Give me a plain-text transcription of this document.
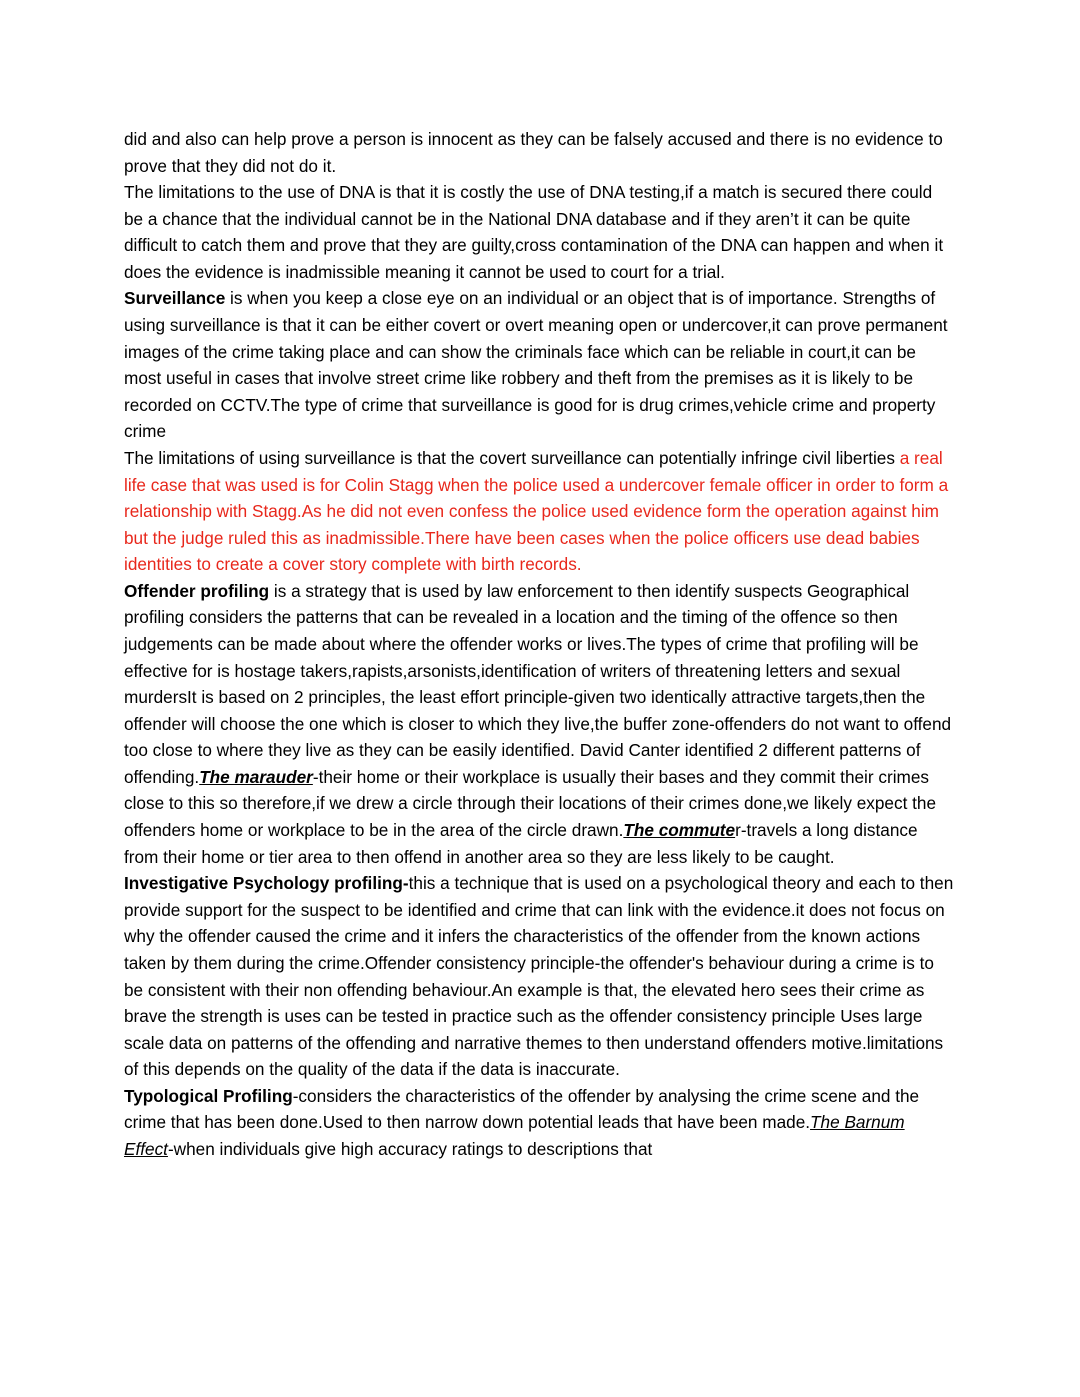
did and also can help prove a person is innocent as they can be falsely accused and there is no evidence to prove that they did not do it.
The limitations to the use of DNA is that it is costly the use of DNA testing,if a match is secured there could be a chance that the individual cannot be in the National DNA database and if they aren’t it can be quite difficult to catch them and prove that they are guilty,cross contamination of the DNA can happen and when it does the evidence is inadmissible meaning it cannot be used to court for a trial.
Surveillance is when you keep a close eye on an individual or an object that is of importance. Strengths of using surveillance is that it can be either covert or overt meaning open or undercover,it can prove permanent images of the crime taking place and can show the criminals face which can be reliable in court,it can be most useful in cases that involve street crime like robbery and theft from the premises as it is likely to be recorded on CCTV.The type of crime that surveillance is good for is drug crimes,vehicle crime and property crime
The limitations of using surveillance is that the covert surveillance can potentially infringe civil liberties a real life case that was used is for Colin Stagg when the police used a undercover female officer in order to form a relationship with Stagg.As he did not even confess the police used evidence form the operation against him but the judge ruled this as inadmissible.There have been cases when the police officers use dead babies identities to create a cover story complete with birth records.
Offender profiling is a strategy that is used by law enforcement to then identify suspects Geographical profiling considers the patterns that can be revealed in a location and the timing of the offence so then judgements can be made about where the offender works or lives.The types of crime that profiling will be effective for is hostage takers,rapists,arsonists,identification of writers of threatening letters and sexual murdersIt is based on 2 principles, the least effort principle-given two identically attractive targets,then the offender will choose the one which is closer to which they live,the buffer zone-offenders do not want to offend too close to where they live as they can be easily identified. David Canter identified 2 different patterns of offending.The marauder-their home or their workplace is usually their bases and they commit their crimes close to this so therefore,if we drew a circle through their locations of their crimes done,we likely expect the offenders home or workplace to be in the area of the circle drawn.The commuter-travels a long distance from their home or tier area to then offend in another area so they are less likely to be caught.
Investigative Psychology profiling-this a technique that is used on a psychological theory and each to then provide support for the suspect to be identified and crime that can link with the evidence.it does not focus on why the offender caused the crime and it infers the characteristics of the offender from the known actions taken by them during the crime.Offender consistency principle-the offender's behaviour during a crime is to be consistent with their non offending behaviour.An example is that, the elevated hero sees their crime as brave the strength is uses can be tested in practice such as the offender consistency principle Uses large scale data on patterns of the offending and narrative themes to then understand offenders motive.limitations of this depends on the quality of the data if the data is inaccurate.
Typological Profiling-considers the characteristics of the offender by analysing the crime scene and the crime that has been done.Used to then narrow down potential leads that have been made.The Barnum Effect-when individuals give high accuracy ratings to descriptions that
